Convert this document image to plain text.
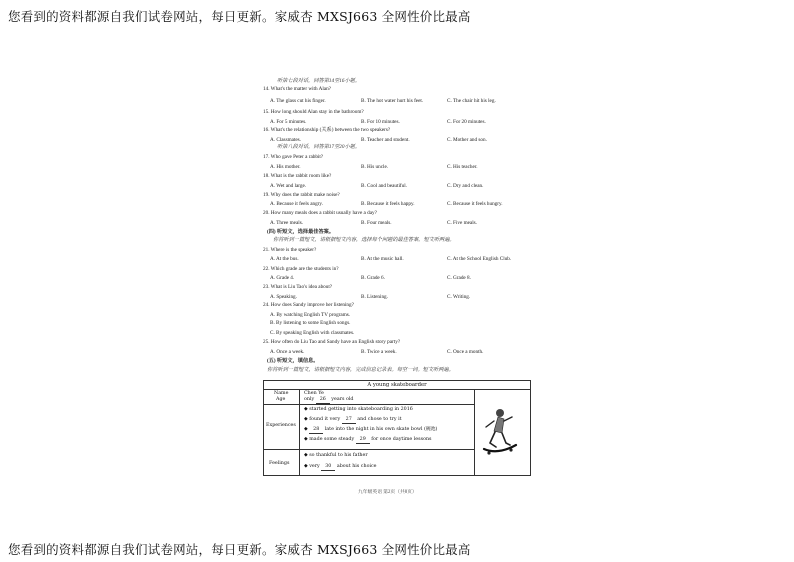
您看到的资料都源自我们试卷网站，每日更新。家威杏 MXSJ663 全网性价比最高
听第七段对话，回答第14至16小题。
14. What's the matter with Alan?
A. The glass cut his finger.	B. The hot water hurt his feet.	C. The chair hit his leg.
15. How long should Alan stay in the bathroom?
A. For 5 minutes.	B. For 10 minutes.	C. For 20 minutes.
16. What's the relationship (关系) between the two speakers?
A. Classmates.	B. Teacher and student.	C. Mother and son.
听第八段对话，回答第17至20小题。
17. Who gave Peter a rabbit?
A. His mother.	B. His uncle.	C. His teacher.
18. What is the rabbit room like?
A. Wet and large.	B. Cool and beautiful.	C. Dry and clean.
19. Why does the rabbit make noise?
A. Because it feels angry.	B. Because it feels happy.	C. Because it feels hungry.
20. How many meals does a rabbit usually have a day?
A. Three meals.	B. Four meals.	C. Five meals.
(四) 听短文，选择最佳答案。
你将听到一篇短文，请根据短文内容，选择每个问题的最佳答案。短文听两遍。
21. Where is the speaker?
A. At the bus.	B. At the music hall.	C. At the School English Club.
22. Which grade are the students in?
A. Grade 4.	B. Grade 6.	C. Grade 8.
23. What is Liu Tao's idea about?
A. Speaking.	B. Listening.	C. Writing.
24. How does Sandy improve her listening?
A. By watching English TV programs.
B. By listening to some English songs.
C. By speaking English with classmates.
25. How often do Liu Tao and Sandy have an English story party?
A. Once a week.	B. Twice a week.	C. Once a month.
(五) 听短文，填信息。
你将听到一篇短文，请根据短文内容，完成信息记录表。每空一词。短文听两遍。
A young skateboarder
Name	Chen Ye
Age	only 26 years old
Experiences
◆ started getting into skateboarding in 2016
◆ found it very 27 and chose to try it
◆ 28 late into the night in his own skate bowl (碗池)
◆ made some steady 29 for once daytime lessons
Feelings
◆ so thankful to his father
◆ very 30 about his choice
九年级英语 第2页（共8页）
您看到的资料都源自我们试卷网站，每日更新。家威杏 MXSJ663 全网性价比最高
